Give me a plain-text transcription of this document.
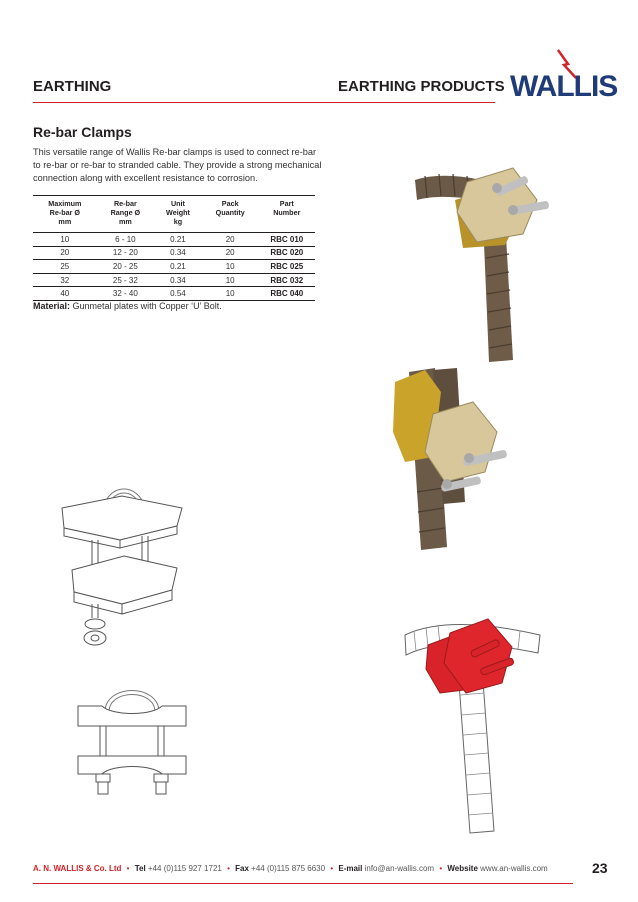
EARTHING	EARTHING PRODUCTS WALLIS
Re-bar Clamps
This versatile range of Wallis Re-bar clamps is used to connect re-bar to re-bar or re-bar to stranded cable. They provide a strong mechanical connection along with excellent resistance to corrosion.
Maximum
Re-bar Ø
mm	Re-bar
Range Ø
mm	Unit
Weight
kg	Pack
Quantity	Part
Number
10	6 - 10	0.21	20	RBC 010
20	12 - 20	0.34	20	RBC 020
25	20 - 25	0.21	10	RBC 025
32	25 - 32	0.34	10	RBC 032
40	32 - 40	0.54	10	RBC 040
Material: Gunmetal plates with Copper ‘U’ Bolt.
A. N. WALLIS & Co. Ltd • Tel +44 (0)115 927 1721 • Fax +44 (0)115 875 6630 • E-mail info@an-wallis.com • Website www.an-wallis.com	23
